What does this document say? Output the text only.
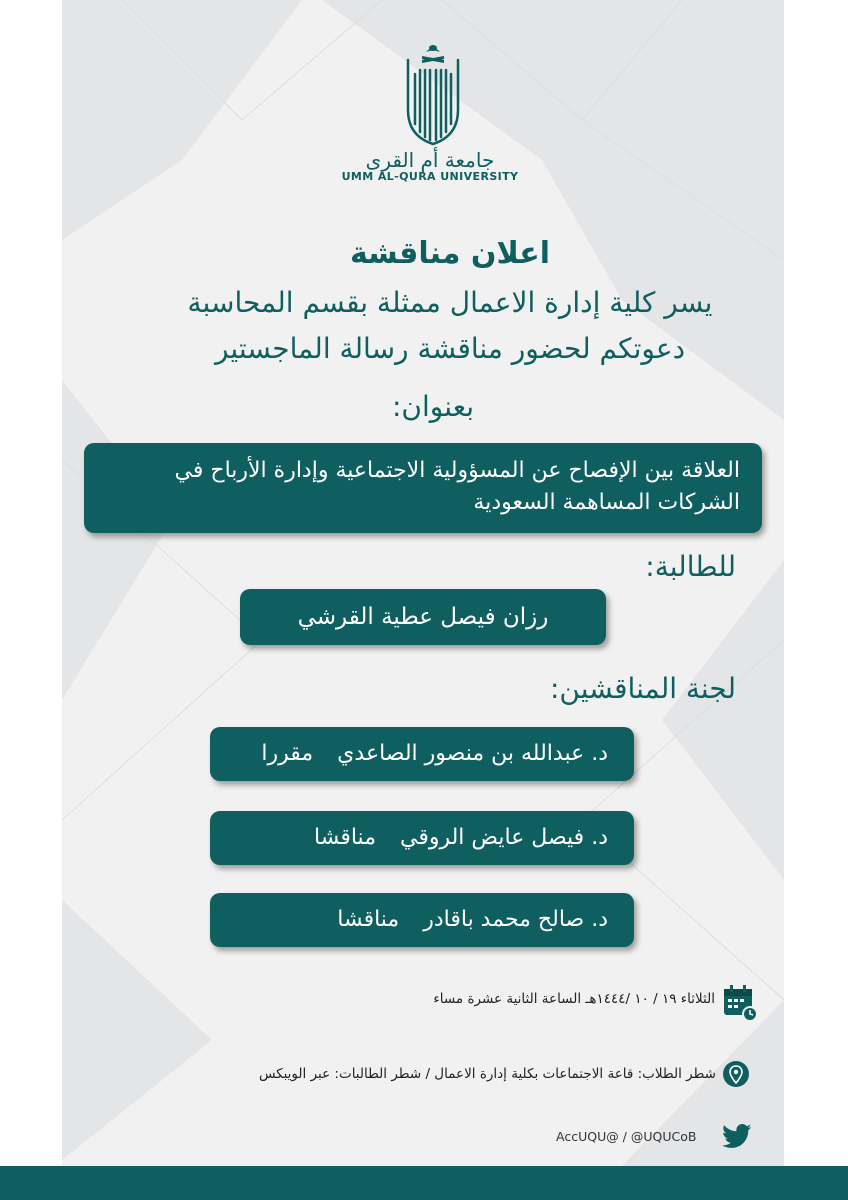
جامعة أم القرى
UMM AL-QURA UNIVERSITY
اعلان مناقشة
يسر كلية إدارة الاعمال ممثلة بقسم المحاسبة
دعوتكم لحضور مناقشة رسالة الماجستير
بعنوان:
العلاقة بين الإفصاح عن المسؤولية الاجتماعية وإدارة الأرباح في الشركات المساهمة السعودية
للطالبة:
رزان فيصل عطية القرشي
لجنة المناقشين:
د. عبدالله بن منصور الصاعدي
مقررا
د. فيصل عايض الروقي
مناقشا
د. صالح محمد باقادر
مناقشا
الثلاثاء ١٩ / ١٠ /١٤٤٤هـ الساعة الثانية عشرة مساء
شطر الطلاب: قاعة الاجتماعات بكلية إدارة الاعمال / شطر الطالبات: عبر الويبكس
AccUQU@ / @UQUCoB
